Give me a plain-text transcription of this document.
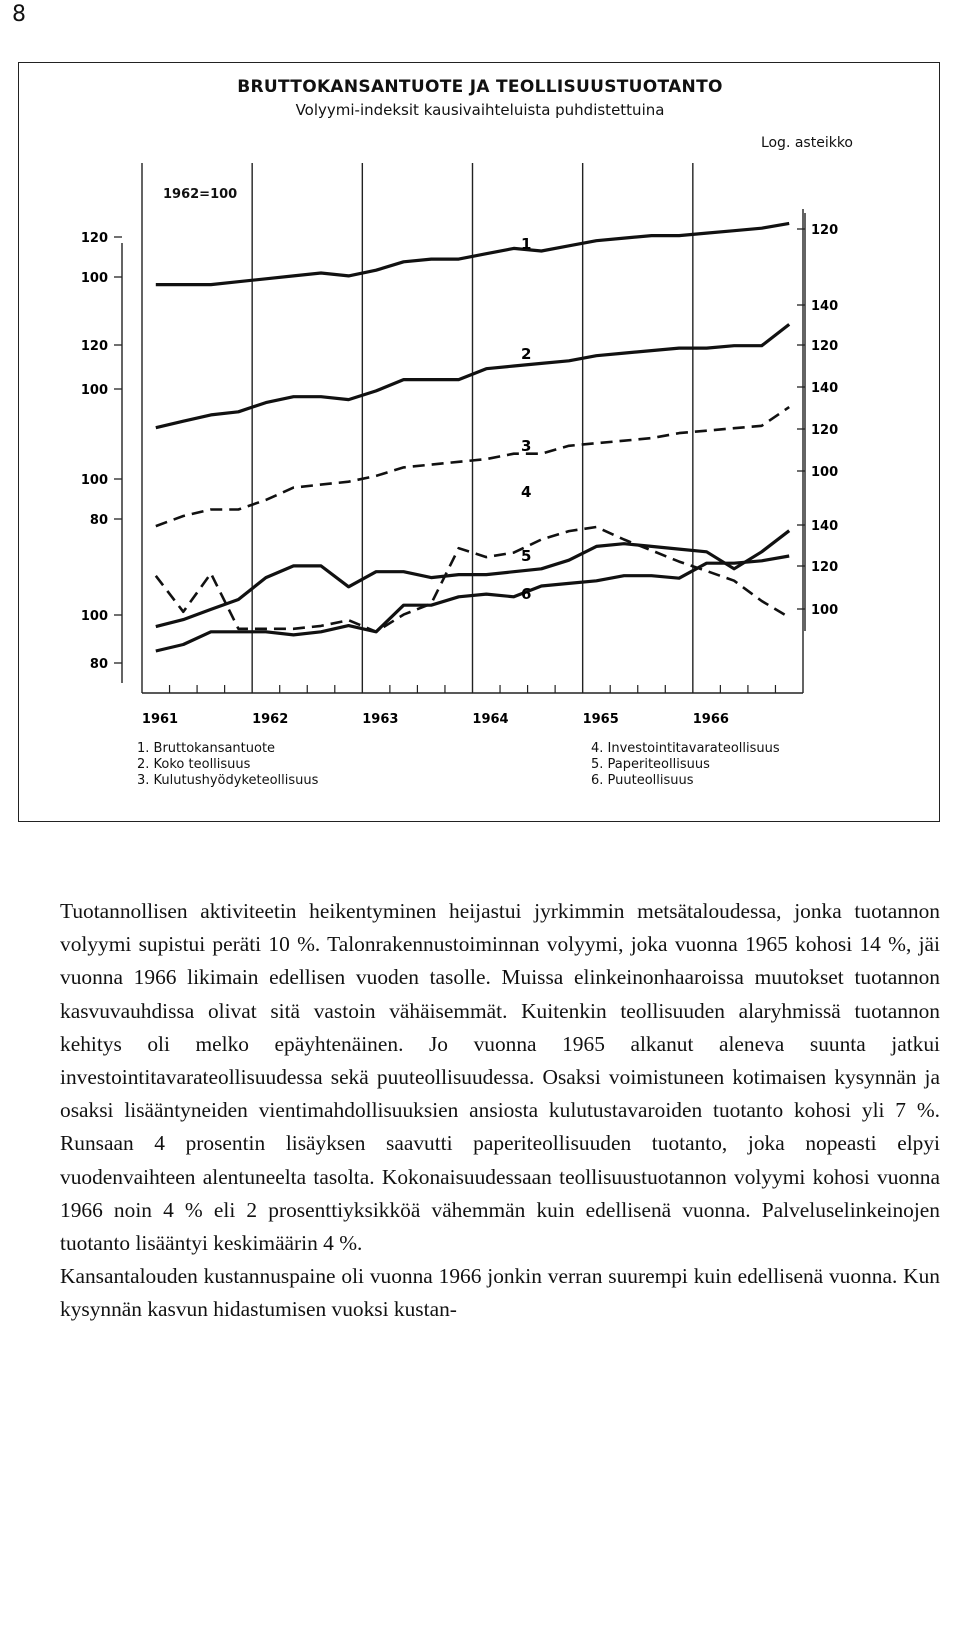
8
BRUTTOKANSANTUOTE JA TEOLLISUUSTUOTANTO
Volyymi-indeksit kausivaihteluista puhdistettuina
Log. asteikko
1962=100
120
100
120
100
100
80
100
80
120
140
120
140
120
100
140
120
100
1961	1962	1963	1964	1965	1966
1
2
3
4
5
6
1. Bruttokansantuote
2. Koko teollisuus
3. Kulutushyödyketeollisuus
4. Investointitavarateollisuus
5. Paperiteollisuus
6. Puuteollisuus

Tuotannollisen aktiviteetin heikentyminen heijastui jyrkimmin metsätaloudessa, jonka tuotannon volyymi supistui peräti 10 %. Talonrakennustoiminnan volyymi, joka vuonna 1965 kohosi 14 %, jäi vuonna 1966 likimain edellisen vuoden tasolle. Muissa elinkeinonhaaroissa muutokset tuotannon kasvuvauhdissa olivat sitä vastoin vähäisemmät. Kuitenkin teollisuuden alaryhmissä tuotannon kehitys oli melko epäyhtenäinen. Jo vuonna 1965 alkanut aleneva suunta jatkui investointitavarateollisuudessa sekä puuteollisuudessa. Osaksi voimistuneen kotimaisen kysynnän ja osaksi lisääntyneiden vientimahdollisuuksien ansiosta kulutustavaroiden tuotanto kohosi yli 7 %. Runsaan 4 prosentin lisäyksen saavutti paperiteollisuuden tuotanto, joka nopeasti elpyi vuodenvaihteen alentuneelta tasolta. Kokonaisuudessaan teollisuustuotannon volyymi kohosi vuonna 1966 noin 4 % eli 2 prosenttiyksikköä vähemmän kuin edellisenä vuonna. Palveluselinkeinojen tuotanto lisääntyi keskimäärin 4 %.

Kansantalouden kustannuspaine oli vuonna 1966 jonkin verran suurempi kuin edellisenä vuonna. Kun kysynnän kasvun hidastumisen vuoksi kustan-
